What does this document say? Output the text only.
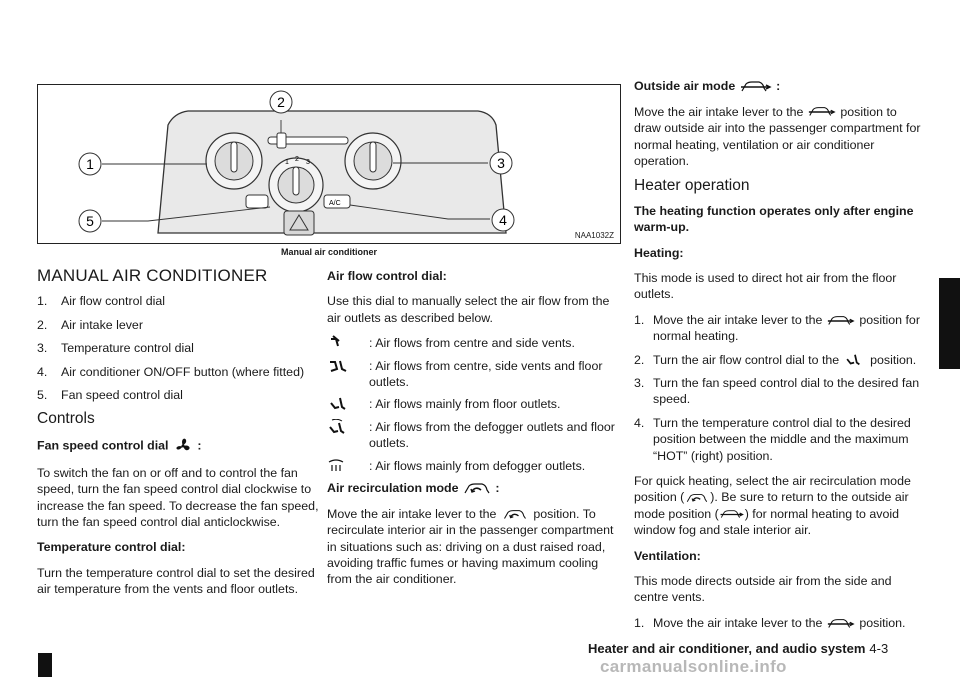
1 2 3
A/C
1
2
3
4
5
NAA1032Z
Manual air conditioner
MANUAL AIR CONDITIONER
1.	Air flow control dial
2.	Air intake lever
3.	Temperature control dial
4.	Air conditioner ON/OFF button (where fitted)
5.	Fan speed control dial
Controls

Fan speed control dial :

To switch the fan on or off and to control the fan speed, turn the fan speed control dial clockwise to increase the fan speed. To decrease the fan speed, turn the fan speed control dial anticlockwise.

Temperature control dial:

Turn the temperature control dial to set the desired air temperature from the vents and floor outlets.

Air flow control dial:

Use this dial to manually select the air flow from the air outlets as described below.

: Air flows from centre and side vents.
: Air flows from centre, side vents and floor outlets.
: Air flows mainly from floor outlets.
: Air flows from the defogger outlets and floor outlets.
: Air flows mainly from defogger outlets.

Air recirculation mode	:

Move the air intake lever to the	position. To recirculate interior air in the passenger compartment in situations such as: driving on a dust raised road, avoiding traffic fumes or having maximum cooling from the air conditioner.

Outside air mode	:

Move the air intake lever to the	position to draw outside air into the passenger compartment for normal heating, ventilation or air conditioner operation.

Heater operation

The heating function operates only after engine warm-up.

Heating:

This mode is used to direct hot air from the floor outlets.

1. Move the air intake lever to the	position for normal heating.
2. Turn the air flow control dial to the position.
3. Turn the fan speed control dial to the desired fan speed.
4. Turn the temperature control dial to the desired position between the middle and the maximum “HOT” (right) position.

For quick heating, select the air recirculation mode position ( ). Be sure to return to the outside air mode position ( ) for normal heating to avoid window fog and stale interior air.

Ventilation:

This mode directs outside air from the side and centre vents.

1. Move the air intake lever to the	position.
Heater and air conditioner, and audio system 4-3
carmanualsonline.info
